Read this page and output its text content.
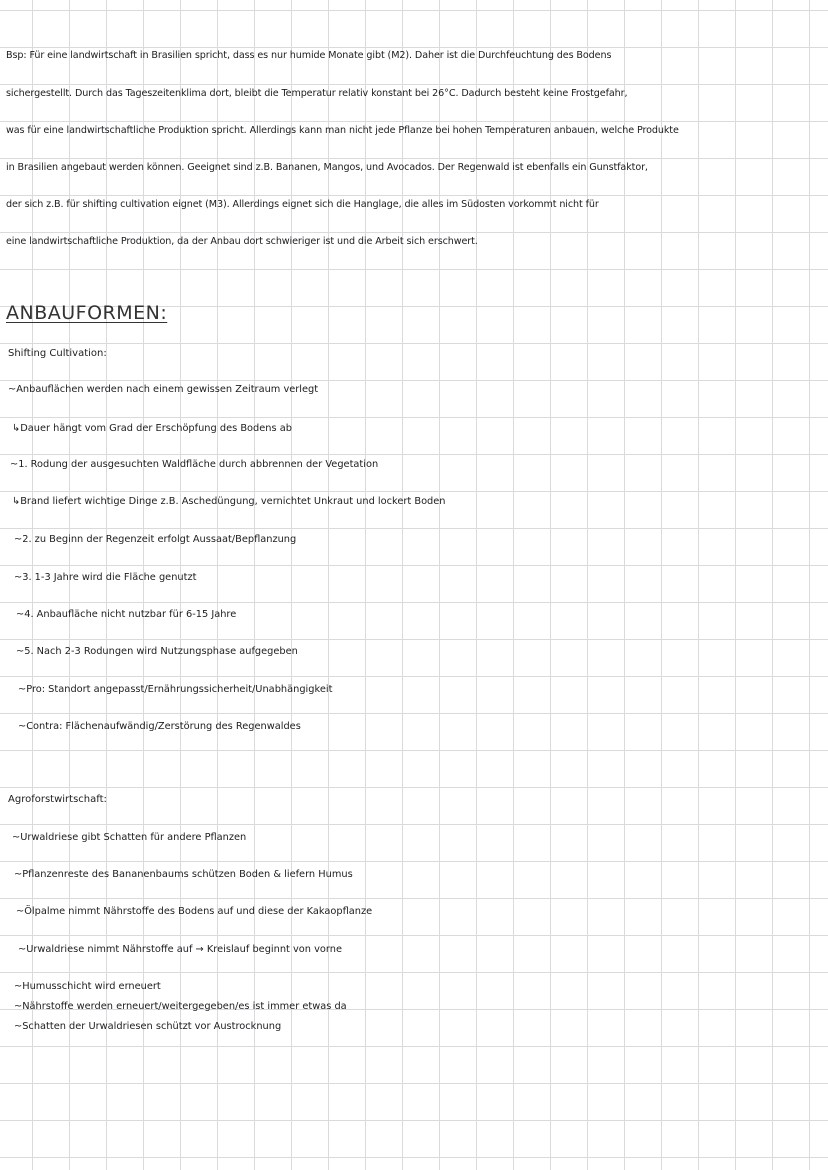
Bsp: Für eine landwirtschaft in Brasilien spricht, dass es nur humide Monate gibt (M2). Daher ist die Durchfeuchtung des Bodens
sichergestellt. Durch das Tageszeitenklima dort, bleibt die Temperatur relativ konstant bei 26°C. Dadurch besteht keine Frostgefahr,
was für eine landwirtschaftliche Produktion spricht. Allerdings kann man nicht jede Pflanze bei hohen Temperaturen anbauen, welche Produkte
in Brasilien angebaut werden können. Geeignet sind z.B. Bananen, Mangos, und Avocados. Der Regenwald ist ebenfalls ein Gunstfaktor,
der sich z.B. für shifting cultivation eignet (M3). Allerdings eignet sich die Hanglage, die alles im Südosten vorkommt nicht für
eine landwirtschaftliche Produktion, da der Anbau dort schwieriger ist und die Arbeit sich erschwert.
ANBAUFORMEN:
Shifting Cultivation:
~Anbauflächen werden nach einem gewissen Zeitraum verlegt
↳Dauer hängt vom Grad der Erschöpfung des Bodens ab
~1. Rodung der ausgesuchten Waldfläche durch abbrennen der Vegetation
↳Brand liefert wichtige Dinge z.B. Aschedüngung, vernichtet Unkraut und lockert Boden
~2. zu Beginn der Regenzeit erfolgt Aussaat/Bepflanzung
~3. 1-3 Jahre wird die Fläche genutzt
~4. Anbaufläche nicht nutzbar für 6-15 Jahre
~5. Nach 2-3 Rodungen wird Nutzungsphase aufgegeben
~Pro: Standort angepasst/Ernährungssicherheit/Unabhängigkeit
~Contra: Flächenaufwändig/Zerstörung des Regenwaldes
Agroforstwirtschaft:
~Urwaldriese gibt Schatten für andere Pflanzen
~Pflanzenreste des Bananenbaums schützen Boden & liefern Humus
~Ölpalme nimmt Nährstoffe des Bodens auf und diese der Kakaopflanze
~Urwaldriese nimmt Nährstoffe auf → Kreislauf beginnt von vorne
~Humusschicht wird erneuert
~Nährstoffe werden erneuert/weitergegeben/es ist immer etwas da
~Schatten der Urwaldriesen schützt vor Austrocknung
